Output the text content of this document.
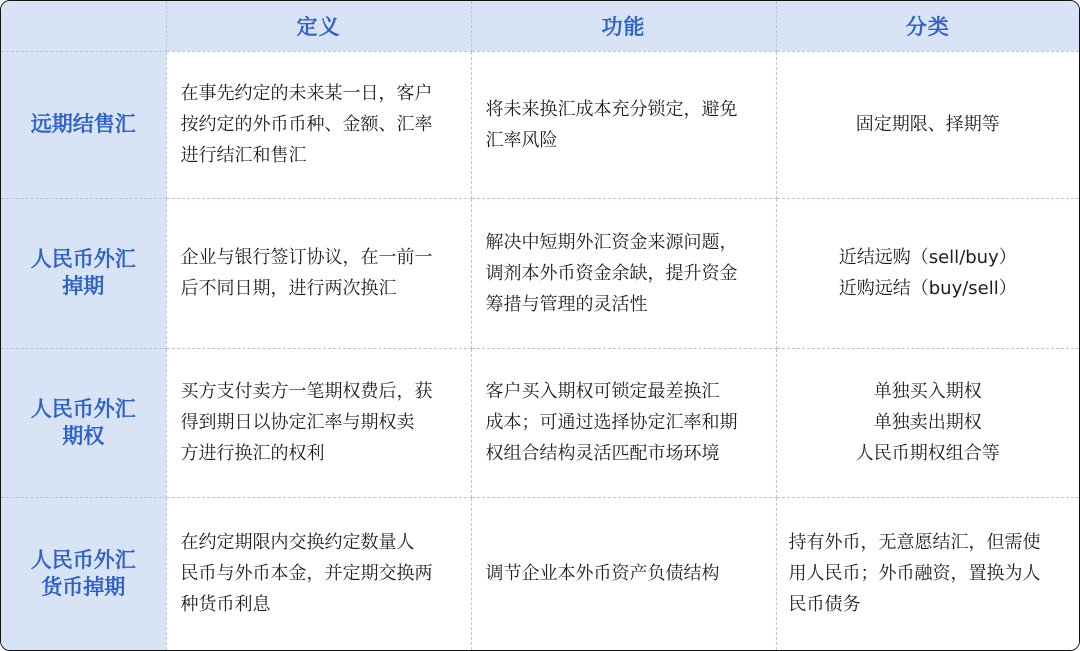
	定义	功能	分类

远期结售汇	在事先约定的未来某一日，客户
按约定的外币币种、金额、汇率
进行结汇和售汇	将未来换汇成本充分锁定，避免
汇率风险	固定期限、择期等

人民币外汇
掉期	企业与银行签订协议，在一前一
后不同日期，进行两次换汇	解决中短期外汇资金来源问题，
调剂本外币资金余缺，提升资金
筹措与管理的灵活性	近结远购（sell/buy）
近购远结（buy/sell）

人民币外汇
期权	买方支付卖方一笔期权费后，获
得到期日以协定汇率与期权卖
方进行换汇的权利	客户买入期权可锁定最差换汇
成本；可通过选择协定汇率和期
权组合结构灵活匹配市场环境	单独买入期权
单独卖出期权
人民币期权组合等

人民币外汇
货币掉期	在约定期限内交换约定数量人
民币与外币本金，并定期交换两
种货币利息	调节企业本外币资产负债结构	持有外币，无意愿结汇，但需使
用人民币；外币融资，置换为人
民币债务
